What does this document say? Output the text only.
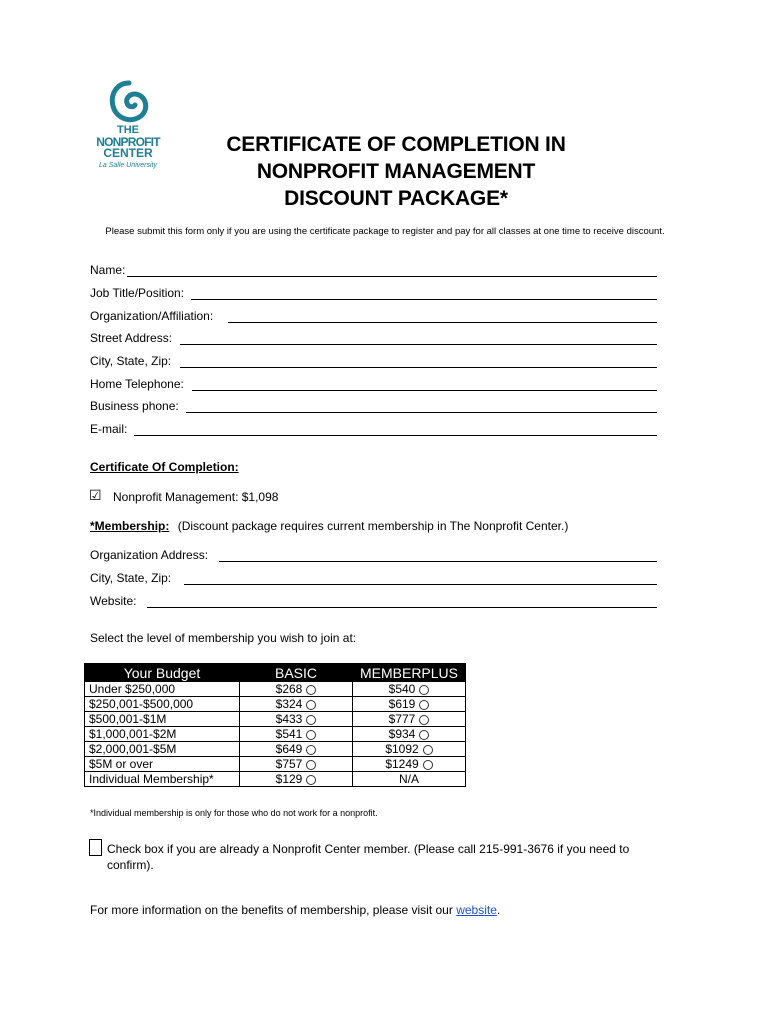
THE
NONPROFIT
CENTER
La Salle University
CERTIFICATE OF COMPLETION IN
NONPROFIT MANAGEMENT
DISCOUNT PACKAGE*
Please submit this form only if you are using the certificate package to register and pay for all classes at one time to receive discount.
Name:
Job Title/Position:
Organization/Affiliation:
Street Address:
City, State, Zip:
Home Telephone:
Business phone:
E-mail:
Certificate Of Completion:
☑ Nonprofit Management: $1,098
*Membership: (Discount package requires current membership in The Nonprofit Center.)
Organization Address:
City, State, Zip:
Website:
Select the level of membership you wish to join at:
Your Budget	BASIC	MEMBERPLUS
Under $250,000	$268	$540
$250,001-$500,000	$324	$619
$500,001-$1M	$433	$777
$1,000,001-$2M	$541	$934
$2,000,001-$5M	$649	$1092
$5M or over	$757	$1249
Individual Membership*	$129	N/A
*Individual membership is only for those who do not work for a nonprofit.
Check box if you are already a Nonprofit Center member. (Please call 215-991-3676 if you need to confirm).
For more information on the benefits of membership, please visit our website.
